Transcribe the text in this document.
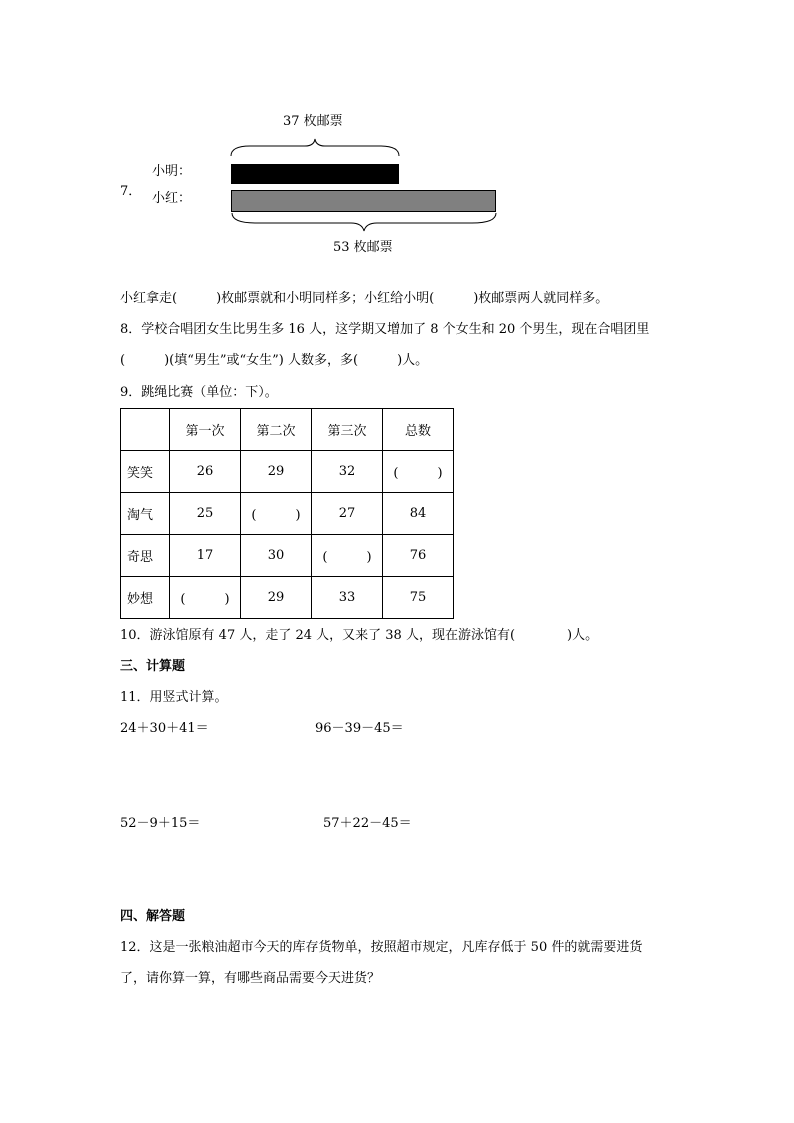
37 枚邮票
7．
小明：
小红：
53 枚邮票
小红拿走(　　　)枚邮票就和小明同样多；小红给小明(　　　)枚邮票两人就同样多。
8．学校合唱团女生比男生多 16 人，这学期又增加了 8 个女生和 20 个男生，现在合唱团里
(　　　)(填“男生”或“女生”) 人数多，多(　　　)人。
9．跳绳比赛（单位：下）。
	第一次	第二次	第三次	总数
笑笑	26	29	32	(　　　)
淘气	25	(　　　)	27	84
奇思	17	30	(　　　)	76
妙想	(　　　)	29	33	75
10．游泳馆原有 47 人，走了 24 人，又来了 38 人，现在游泳馆有(　　　　)人。
三、计算题
11．用竖式计算。
24＋30＋41＝	96－39－45＝
52－9＋15＝	57＋22－45＝
四、解答题
12．这是一张粮油超市今天的库存货物单，按照超市规定，凡库存低于 50 件的就需要进货
了，请你算一算，有哪些商品需要今天进货？
